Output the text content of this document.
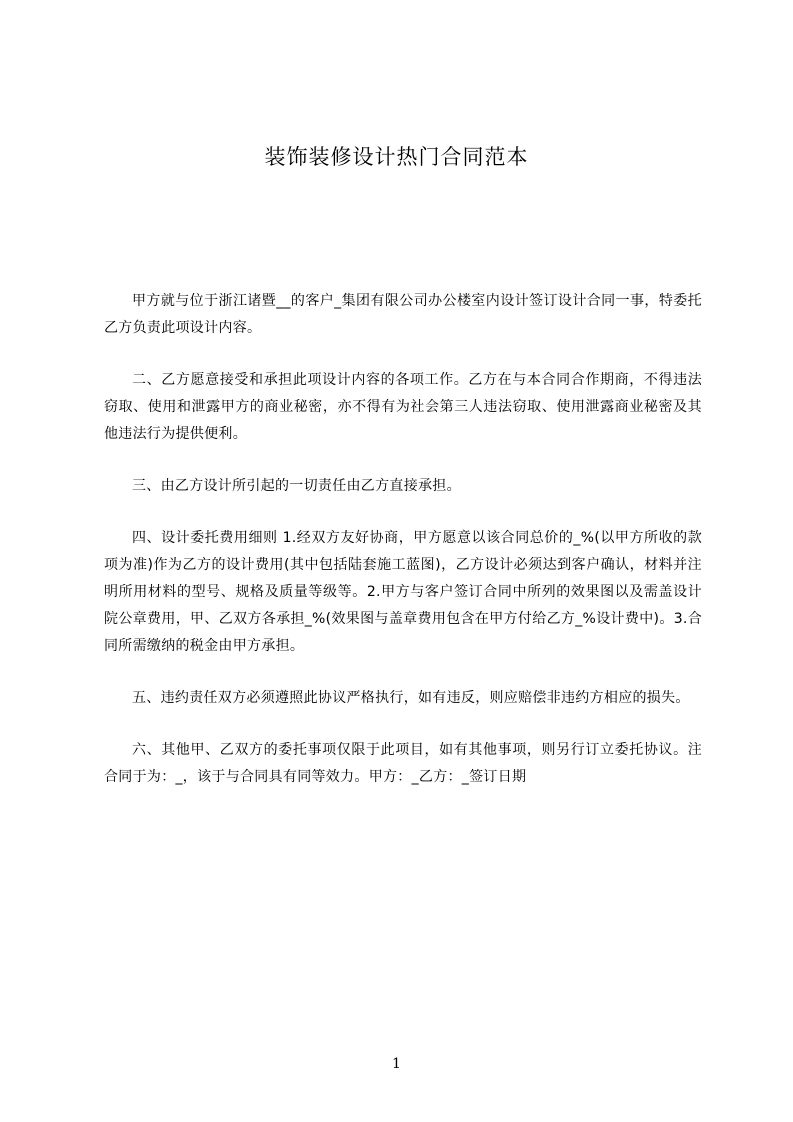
装饰装修设计热门合同范本

甲方就与位于浙江诸暨__的客户_集团有限公司办公楼室内设计签订设计合同一事，特委托乙方负责此项设计内容。

二、乙方愿意接受和承担此项设计内容的各项工作。乙方在与本合同合作期商，不得违法窃取、使用和泄露甲方的商业秘密，亦不得有为社会第三人违法窃取、使用泄露商业秘密及其他违法行为提供便利。

三、由乙方设计所引起的一切责任由乙方直接承担。

四、设计委托费用细则 1.经双方友好协商，甲方愿意以该合同总价的_%(以甲方所收的款项为准)作为乙方的设计费用(其中包括陆套施工蓝图)，乙方设计必须达到客户确认，材料并注明所用材料的型号、规格及质量等级等。2.甲方与客户签订合同中所列的效果图以及需盖设计院公章费用，甲、乙双方各承担_%(效果图与盖章费用包含在甲方付给乙方_%设计费中)。3.合同所需缴纳的税金由甲方承担。

五、违约责任双方必须遵照此协议严格执行，如有违反，则应赔偿非违约方相应的损失。

六、其他甲、乙双方的委托事项仅限于此项目，如有其他事项，则另行订立委托协议。注合同于为：_，该于与合同具有同等效力。甲方：_乙方：_签订日期

1
